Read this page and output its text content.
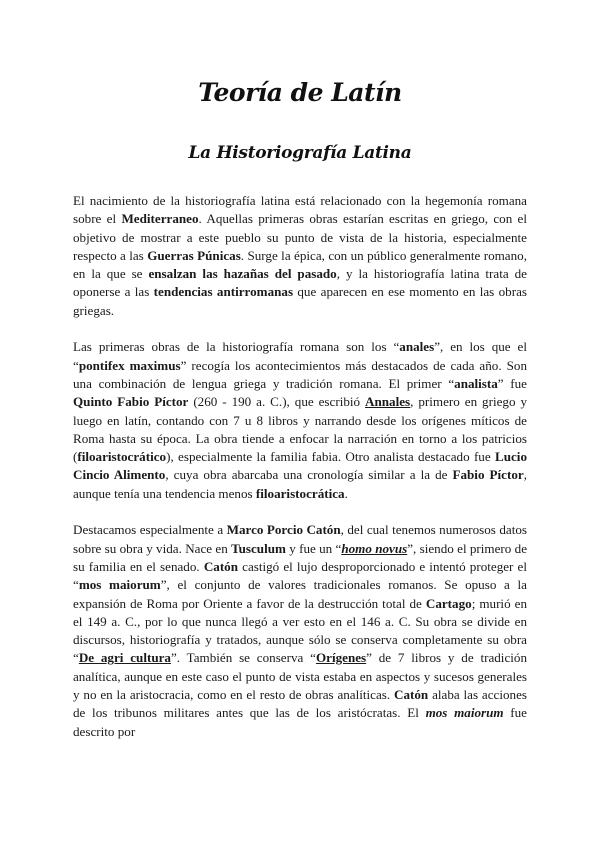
Teoría de Latín
La Historiografía Latina

El nacimiento de la historiografía latina está relacionado con la hegemonía romana sobre el Mediterraneo. Aquellas primeras obras estarían escritas en griego, con el objetivo de mostrar a este pueblo su punto de vista de la historia, especialmente respecto a las Guerras Púnicas. Surge la épica, con un público generalmente romano, en la que se ensalzan las hazañas del pasado, y la historiografía latina trata de oponerse a las tendencias antirromanas que aparecen en ese momento en las obras griegas.

Las primeras obras de la historiografía romana son los “anales”, en los que el “pontifex maximus” recogía los acontecimientos más destacados de cada año. Son una combinación de lengua griega y tradición romana. El primer “analista” fue Quinto Fabio Píctor (260 - 190 a. C.), que escribió Annales, primero en griego y luego en latín, contando con 7 u 8 libros y narrando desde los orígenes míticos de Roma hasta su época. La obra tiende a enfocar la narración en torno a los patricios (filoaristocrático), especialmente la familia fabia. Otro analista destacado fue Lucio Cincio Alimento, cuya obra abarcaba una cronología similar a la de Fabio Píctor, aunque tenía una tendencia menos filoaristocrática.

Destacamos especialmente a Marco Porcio Catón, del cual tenemos numerosos datos sobre su obra y vida. Nace en Tusculum y fue un “homo novus”, siendo el primero de su familia en el senado. Catón castigó el lujo desproporcionado e intentó proteger el “mos maiorum”, el conjunto de valores tradicionales romanos. Se opuso a la expansión de Roma por Oriente a favor de la destrucción total de Cartago; murió en el 149 a. C., por lo que nunca llegó a ver esto en el 146 a. C. Su obra se divide en discursos, historiografía y tratados, aunque sólo se conserva completamente su obra “De agri cultura”. También se conserva “Orígenes” de 7 libros y de tradición analítica, aunque en este caso el punto de vista estaba en aspectos y sucesos generales y no en la aristocracia, como en el resto de obras analíticas. Catón alaba las acciones de los tribunos militares antes que las de los aristócratas. El mos maiorum fue descrito por
